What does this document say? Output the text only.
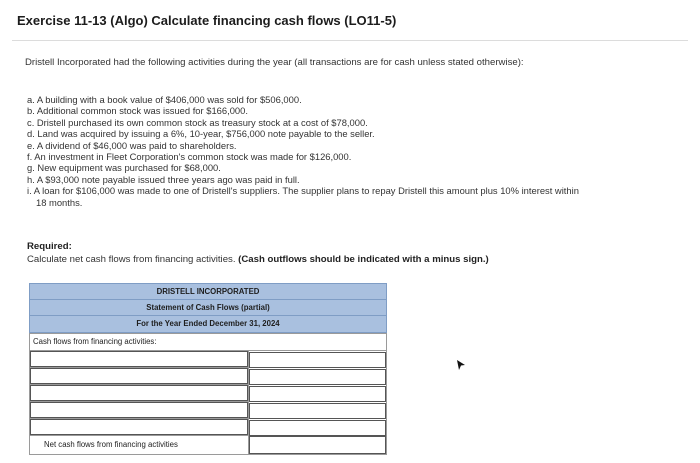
Exercise 11-13 (Algo) Calculate financing cash flows (LO11-5)
Dristell Incorporated had the following activities during the year (all transactions are for cash unless stated otherwise):
a. A building with a book value of $406,000 was sold for $506,000.
b. Additional common stock was issued for $166,000.
c. Dristell purchased its own common stock as treasury stock at a cost of $78,000.
d. Land was acquired by issuing a 6%, 10-year, $756,000 note payable to the seller.
e. A dividend of $46,000 was paid to shareholders.
f. An investment in Fleet Corporation's common stock was made for $126,000.
g. New equipment was purchased for $68,000.
h. A $93,000 note payable issued three years ago was paid in full.
i. A loan for $106,000 was made to one of Dristell's suppliers. The supplier plans to repay Dristell this amount plus 10% interest within
18 months.
Required:
Calculate net cash flows from financing activities. (Cash outflows should be indicated with a minus sign.)
DRISTELL INCORPORATED
Statement of Cash Flows (partial)
For the Year Ended December 31, 2024
Cash flows from financing activities:
Net cash flows from financing activities
